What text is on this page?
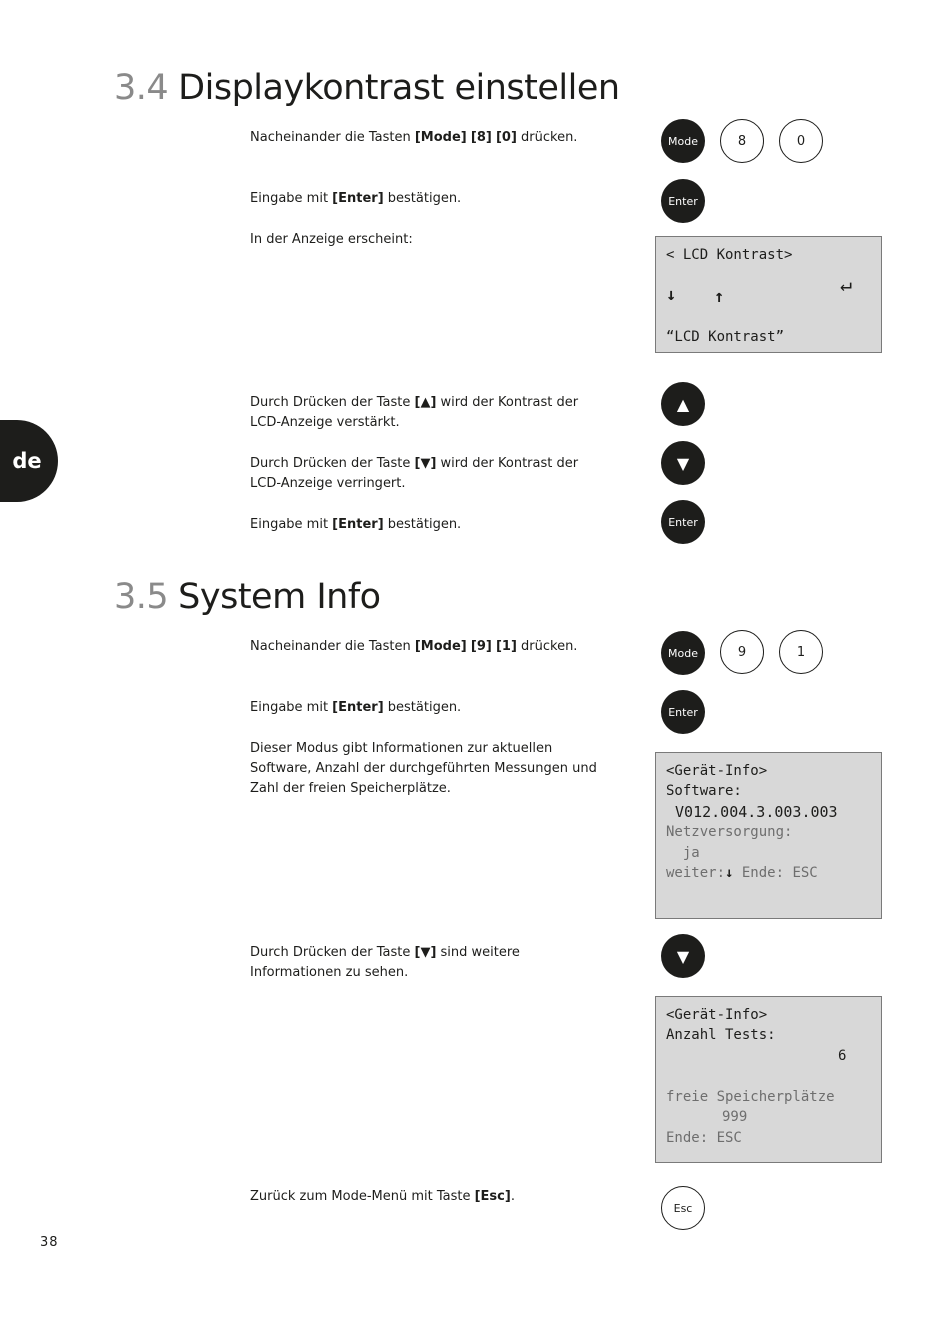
de
3.4 Displaykontrast einstellen
Nacheinander die Tasten [Mode] [8] [0] drücken.	Mode	8	0
Eingabe mit [Enter] bestätigen.	Enter
In der Anzeige erscheint:
< LCD Kontrast>
↓ ↑
↵
“LCD Kontrast”
Durch Drücken der Taste [▲] wird der Kontrast der LCD-Anzeige verstärkt.
▲
Durch Drücken der Taste [▼] wird der Kontrast der LCD-Anzeige verringert.
▼
Eingabe mit [Enter] bestätigen.	Enter
3.5 System Info
Nacheinander die Tasten [Mode] [9] [1] drücken.	Mode	9	1
Eingabe mit [Enter] bestätigen.	Enter
Dieser Modus gibt Informationen zur aktuellen Software, Anzahl der durchgeführten Messungen und Zahl der freien Speicherplätze.
<Gerät-Info>
Software:
V012.004.3.003.003
Netzversorgung:
ja
weiter:↓ Ende: ESC
Durch Drücken der Taste [▼] sind weitere Informationen zu sehen.
▼
<Gerät-Info>
Anzahl Tests:
6
freie Speicherplätze
999
Ende: ESC
Zurück zum Mode-Menü mit Taste [Esc].
Esc
38
